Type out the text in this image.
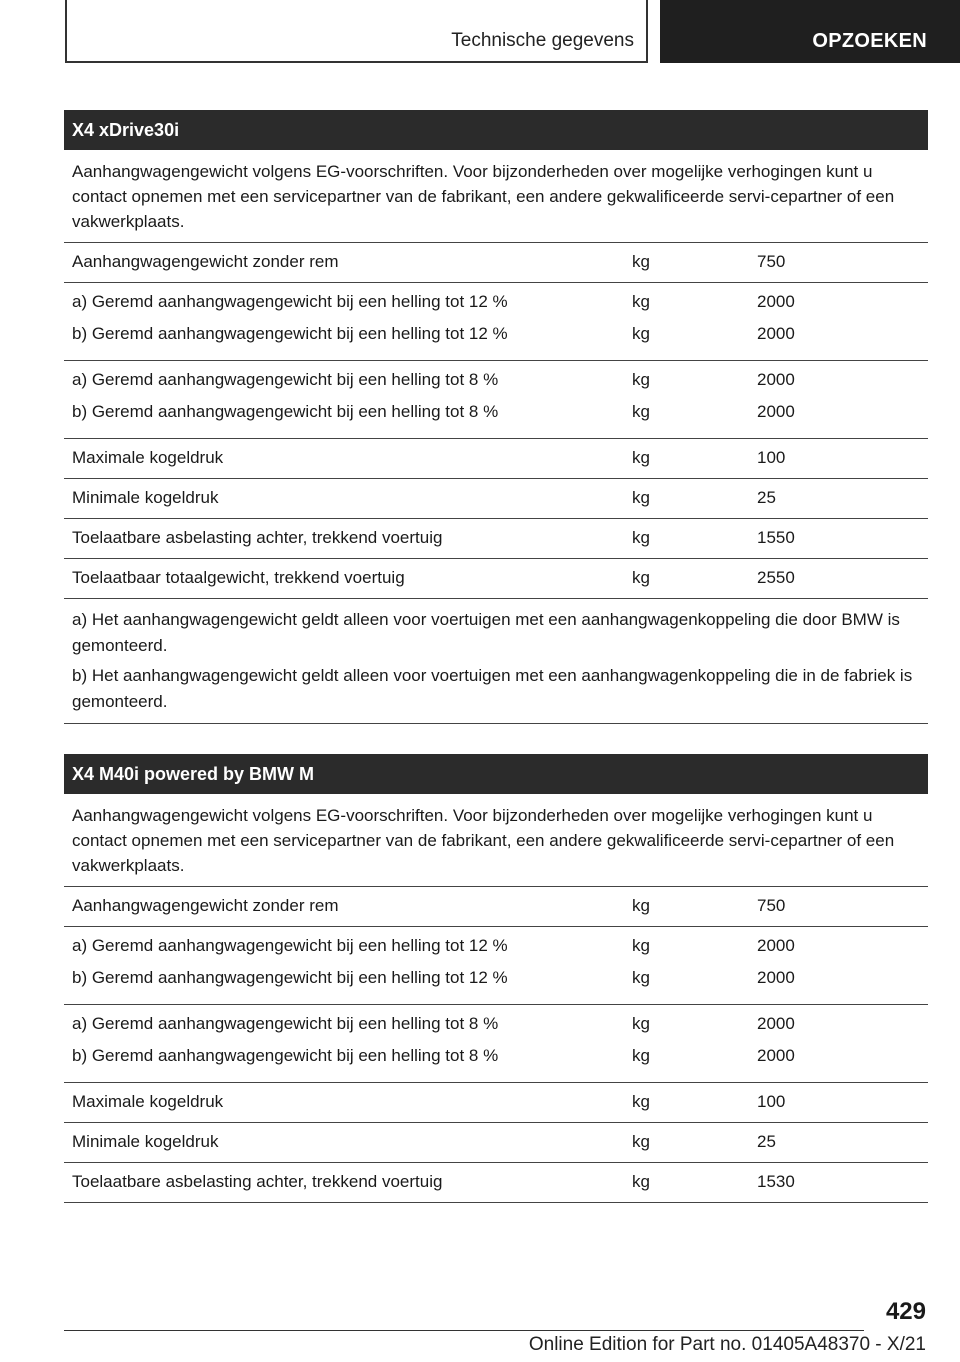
Technische gegevens	OPZOEKEN
X4 xDrive30i
Aanhangwagengewicht volgens EG-voorschriften. Voor bijzonderheden over mogelijke verhogingen kunt u contact opnemen met een servicepartner van de fabrikant, een andere gekwalificeerde servi-cepartner of een vakwerkplaats.
Aanhangwagengewicht zonder rem	kg	750
a) Geremd aanhangwagengewicht bij een helling tot 12 %	kg	2000
b) Geremd aanhangwagengewicht bij een helling tot 12 %	kg	2000
a) Geremd aanhangwagengewicht bij een helling tot 8 %	kg	2000
b) Geremd aanhangwagengewicht bij een helling tot 8 %	kg	2000
Maximale kogeldruk	kg	100
Minimale kogeldruk	kg	25
Toelaatbare asbelasting achter, trekkend voertuig	kg	1550
Toelaatbaar totaalgewicht, trekkend voertuig	kg	2550

a) Het aanhangwagengewicht geldt alleen voor voertuigen met een aanhangwagenkoppeling die door BMW is gemonteerd.

b) Het aanhangwagengewicht geldt alleen voor voertuigen met een aanhangwagenkoppeling die in de fabriek is gemonteerd.

X4 M40i powered by BMW M
Aanhangwagengewicht volgens EG-voorschriften. Voor bijzonderheden over mogelijke verhogingen kunt u contact opnemen met een servicepartner van de fabrikant, een andere gekwalificeerde servi-cepartner of een vakwerkplaats.
Aanhangwagengewicht zonder rem	kg	750
a) Geremd aanhangwagengewicht bij een helling tot 12 %	kg	2000
b) Geremd aanhangwagengewicht bij een helling tot 12 %	kg	2000
a) Geremd aanhangwagengewicht bij een helling tot 8 %	kg	2000
b) Geremd aanhangwagengewicht bij een helling tot 8 %	kg	2000
Maximale kogeldruk	kg	100
Minimale kogeldruk	kg	25
Toelaatbare asbelasting achter, trekkend voertuig	kg	1530
429
Online Edition for Part no. 01405A48370 - X/21
